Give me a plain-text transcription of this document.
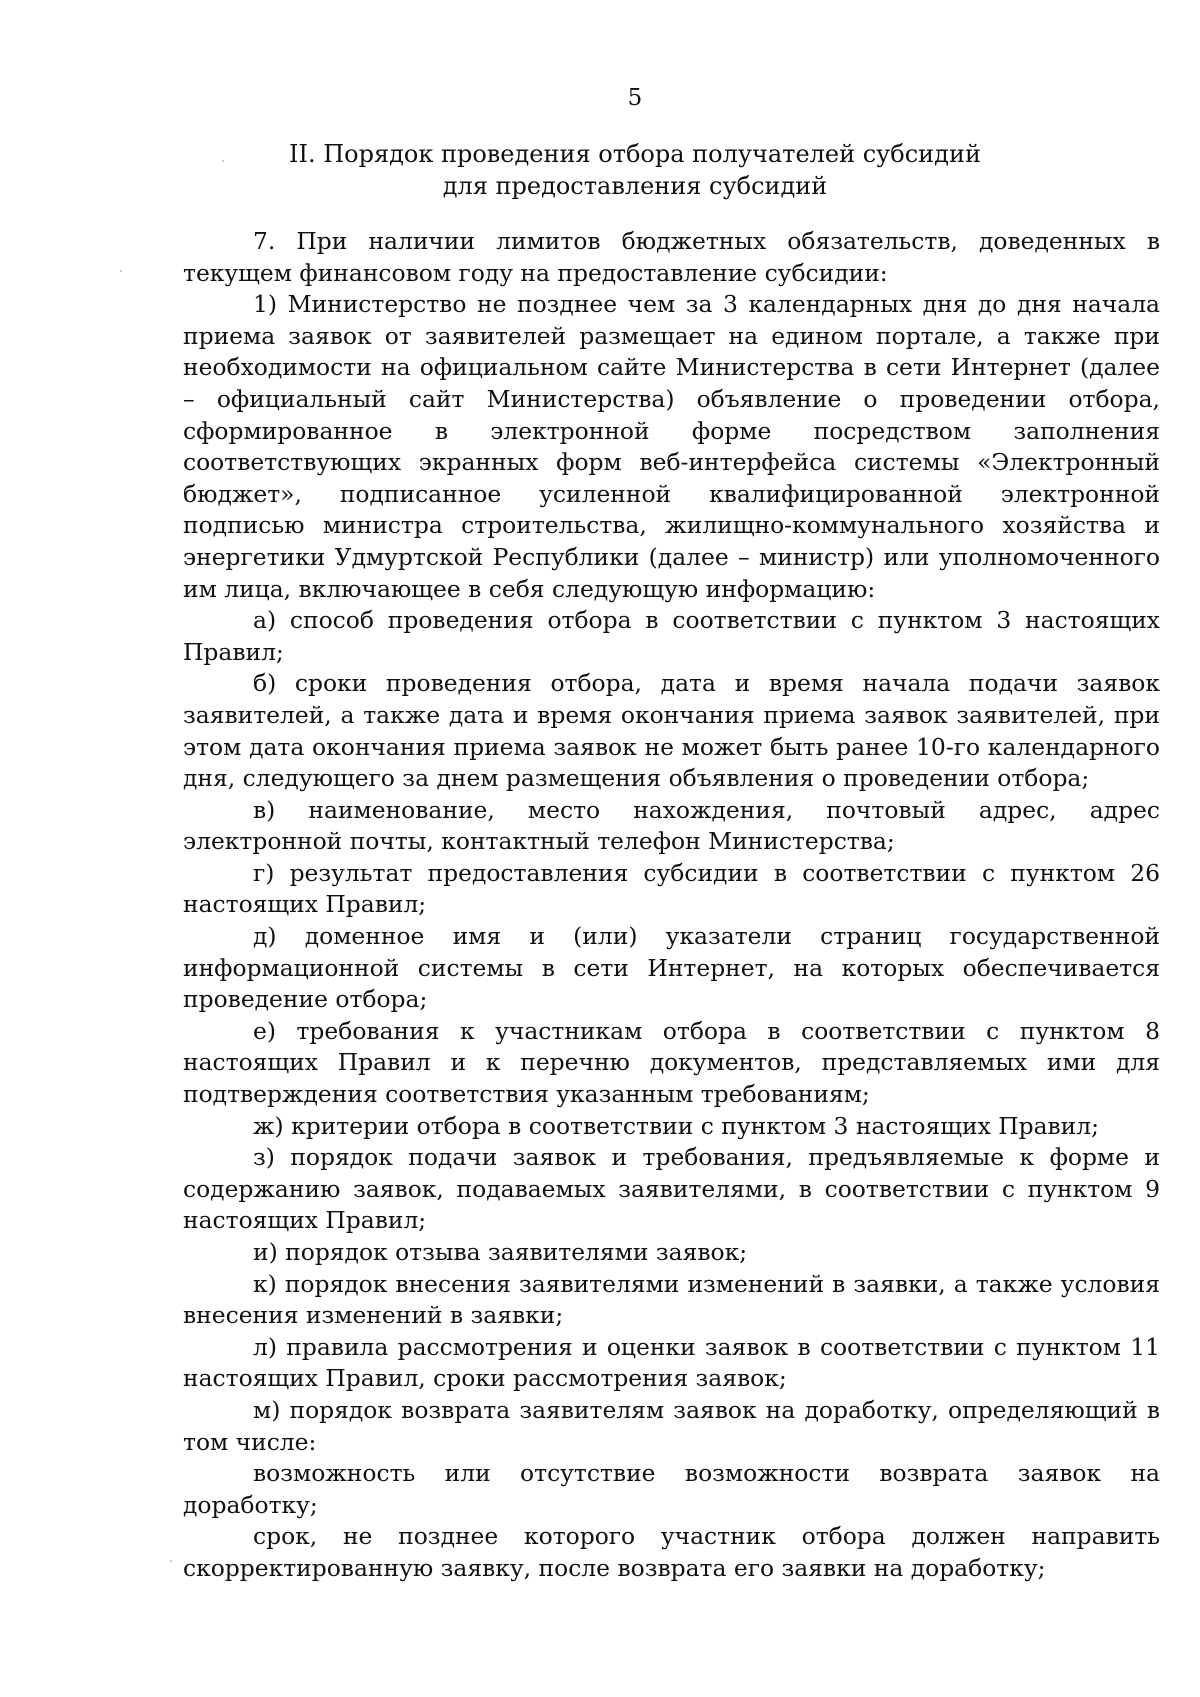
5
II. Порядок проведения отбора получателей субсидий
для предоставления субсидий

7. При наличии лимитов бюджетных обязательств, доведенных в текущем финансовом году на предоставление субсидии:

1) Министерство не позднее чем за 3 календарных дня до дня начала приема заявок от заявителей размещает на едином портале, а также при необходимости на официальном сайте Министерства в сети Интернет (далее – официальный сайт Министерства) объявление о проведении отбора, сформированное в электронной форме посредством заполнения соответствующих экранных форм веб-интерфейса системы «Электронный бюджет», подписанное усиленной квалифицированной электронной подписью министра строительства, жилищно-коммунального хозяйства и энергетики Удмуртской Республики (далее – министр) или уполномоченного им лица, включающее в себя следующую информацию:

а) способ проведения отбора в соответствии с пунктом 3 настоящих Правил;

б) сроки проведения отбора, дата и время начала подачи заявок заявителей, а также дата и время окончания приема заявок заявителей, при этом дата окончания приема заявок не может быть ранее 10-го календарного дня, следующего за днем размещения объявления о проведении отбора;

в) наименование, место нахождения, почтовый адрес, адрес электронной почты, контактный телефон Министерства;

г) результат предоставления субсидии в соответствии с пунктом 26 настоящих Правил;

д) доменное имя и (или) указатели страниц государственной информационной системы в сети Интернет, на которых обеспечивается проведение отбора;

е) требования к участникам отбора в соответствии с пунктом 8 настоящих Правил и к перечню документов, представляемых ими для подтверждения соответствия указанным требованиям;

ж) критерии отбора в соответствии с пунктом 3 настоящих Правил;

з) порядок подачи заявок и требования, предъявляемые к форме и содержанию заявок, подаваемых заявителями, в соответствии с пунктом 9 настоящих Правил;

и) порядок отзыва заявителями заявок;

к) порядок внесения заявителями изменений в заявки, а также условия внесения изменений в заявки;

л) правила рассмотрения и оценки заявок в соответствии с пунктом 11 настоящих Правил, сроки рассмотрения заявок;

м) порядок возврата заявителям заявок на доработку, определяющий в том числе:

возможность или отсутствие возможности возврата заявок на доработку;

срок, не позднее которого участник отбора должен направить скорректированную заявку, после возврата его заявки на доработку;
